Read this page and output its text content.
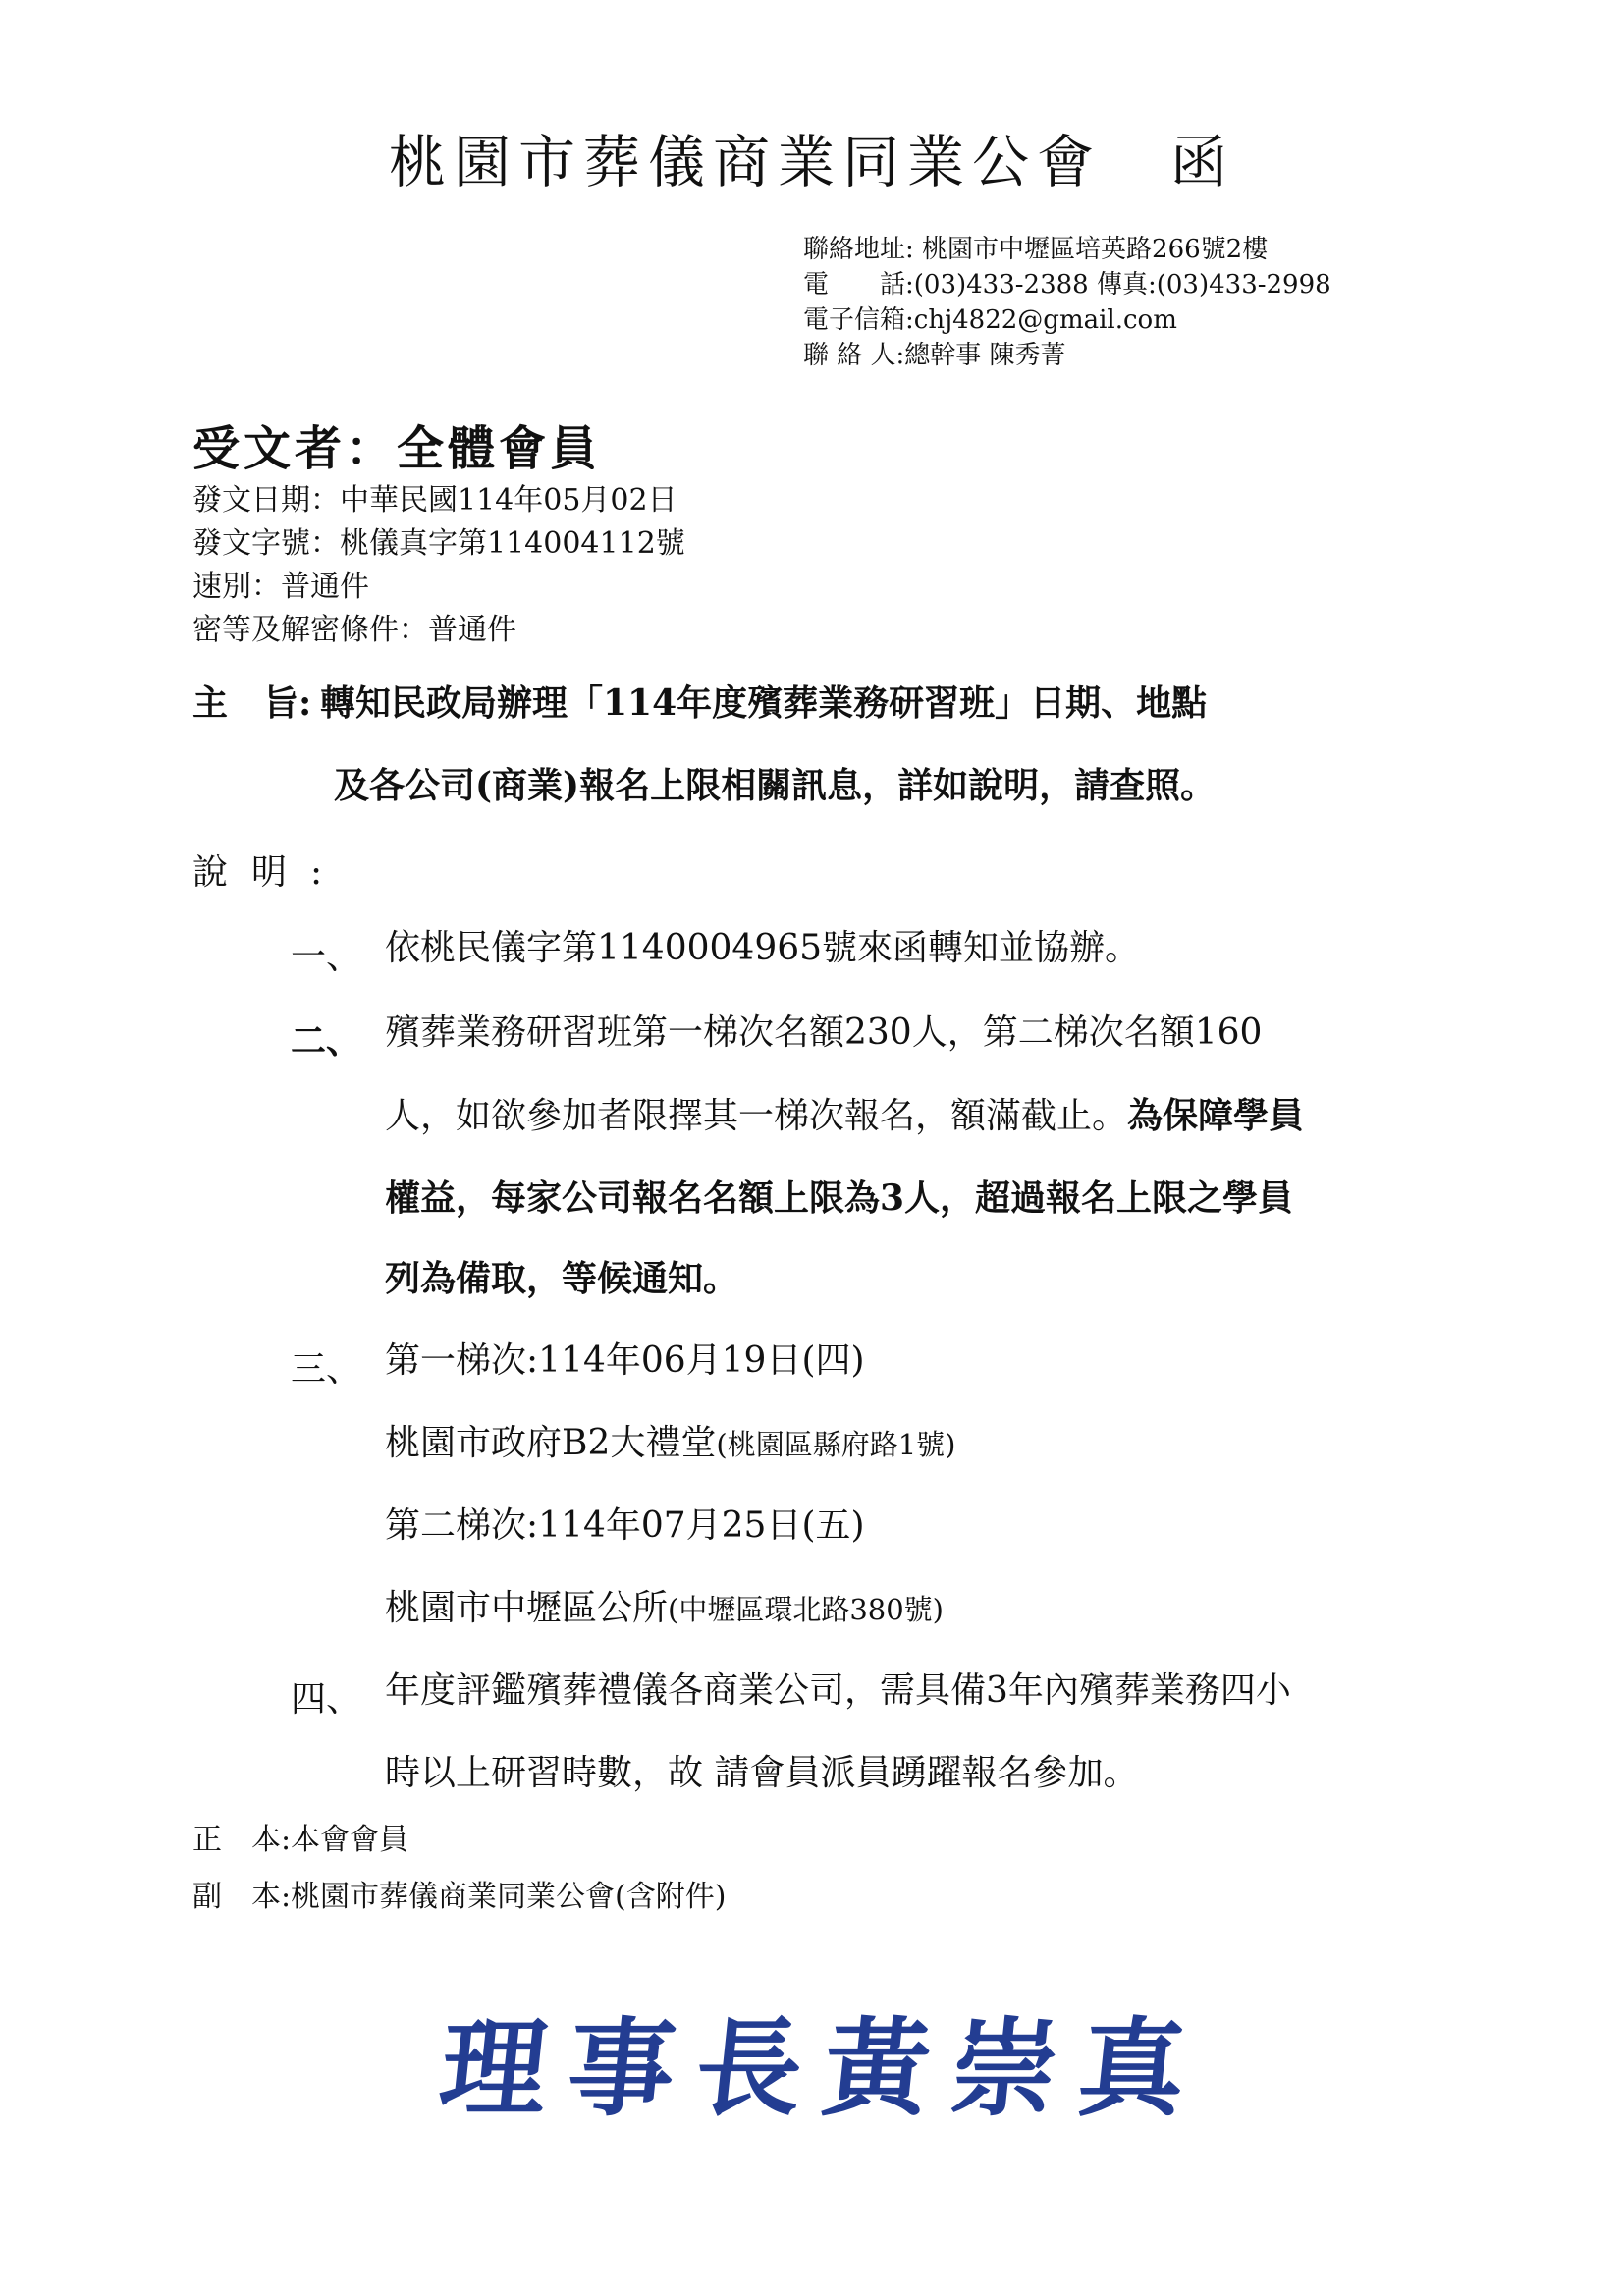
桃園市葬儀商業同業公會 函
聯絡地址: 桃園市中壢區培英路266號2樓
電　　話:(03)433-2388 傳真:(03)433-2998
電子信箱:chj4822@gmail.com
聯 絡 人:總幹事 陳秀菁
受文者：全體會員
發文日期：中華民國114年05月02日
發文字號：桃儀真字第114004112號
速別：普通件
密等及解密條件：普通件
主　旨: 轉知民政局辦理「114年度殯葬業務研習班」日期、地點
及各公司(商業)報名上限相關訊息，詳如說明，請查照。
說明:
一、 依桃民儀字第1140004965號來函轉知並協辦。
二、 殯葬業務研習班第一梯次名額230人，第二梯次名額160
人，如欲參加者限擇其一梯次報名，額滿截止。為保障學員
權益，每家公司報名名額上限為3人，超過報名上限之學員
列為備取，等候通知。
三、 第一梯次:114年06月19日(四)
桃園市政府B2大禮堂(桃園區縣府路1號)
第二梯次:114年07月25日(五)
桃園市中壢區公所(中壢區環北路380號)
四、 年度評鑑殯葬禮儀各商業公司，需具備3年內殯葬業務四小
時以上研習時數，故 請會員派員踴躍報名參加。
正　本:本會會員
副　本:桃園市葬儀商業同業公會(含附件)
理事長黃崇真
